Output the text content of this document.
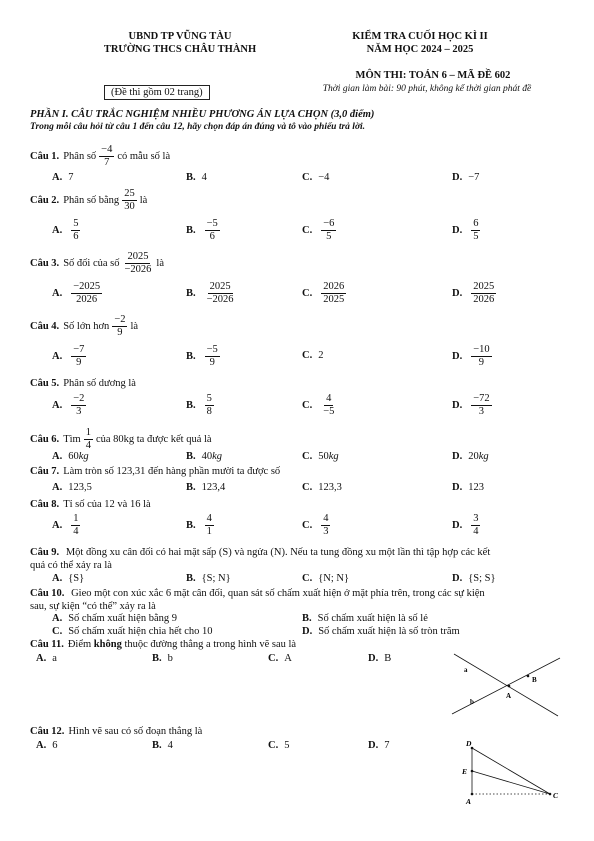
UBND TP VŨNG TÀU
TRƯỜNG THCS CHÂU THÀNH
KIỂM TRA CUỐI HỌC KÌ II
NĂM HỌC 2024 – 2025
(Đề thi gồm 02 trang)
MÔN THI: TOÁN 6 – MÃ ĐỀ 602
Thời gian làm bài: 90 phút, không kể thời gian phát đề
PHẦN I. CÂU TRẮC NGHIỆM NHIỀU PHƯƠNG ÁN LỰA CHỌN (3,0 điểm)
Trong mỗi câu hỏi từ câu 1 đến câu 12, hãy chọn đáp án đúng và tô vào phiếu trả lời.
Câu 1. Phân số $\frac{-4}{7}$ có mẫu số là
A. 7	B. 4	C. −4	D. −7
Câu 2. Phân số bằng $\frac{25}{30}$ là
A. $\frac{5}{6}$	B. $\frac{-5}{6}$	C. $\frac{-6}{5}$	D. $\frac{6}{5}$
Câu 3. Số đối của số $\frac{2025}{-2026}$ là
A. $\frac{-2025}{2026}$	B. $\frac{2025}{-2026}$	C. $\frac{2026}{2025}$	D. $\frac{2025}{2026}$
Câu 4. Số lớn hơn $\frac{-2}{9}$ là
A. $\frac{-7}{9}$	B. $\frac{-5}{9}$	C. 2	D. $\frac{-10}{9}$
Câu 5. Phân số dương là
A. $\frac{-2}{3}$	B. $\frac{5}{8}$	C. $\frac{4}{-5}$	D. $\frac{-72}{3}$
Câu 6. Tìm $\frac{1}{4}$ của 80kg ta được kết quả là
A. 60 kg	B. 40 kg	C. 50 kg	D. 20 kg
Câu 7. Làm tròn số 123,31 đến hàng phần mười ta được số
A. 123,5	B. 123,4	C. 123,3	D. 123
Câu 8. Tỉ số của 12 và 16 là
A. $\frac{1}{4}$	B. $\frac{4}{1}$	C. $\frac{4}{3}$	D. $\frac{3}{4}$
Câu 9. Một đồng xu cân đối có hai mặt sấp (S) và ngửa (N). Nếu ta tung đồng xu một lần thì tập hợp các kết
quả có thể xảy ra là
A. {S}	B. {S; N}	C. {N; N}	D. {S; S}
Câu 10. Gieo một con xúc xắc 6 mặt cân đối, quan sát số chấm xuất hiện ở mặt phía trên, trong các sự kiện
sau, sự kiện “có thể” xảy ra là
A. Số chấm xuất hiện bằng 9	B. Số chấm xuất hiện là số lẻ
C. Số chấm xuất hiện chia hết cho 10	D. Số chấm xuất hiện là số tròn trăm
Câu 11. Điểm
không
thuộc đường thẳng a trong hình vẽ sau là
A. a	B. b	C. A	D. B
a
b
A
B
Câu 12. Hình vẽ sau có số đoạn thẳng là
A. 6	B. 4	C. 5	D. 7	D
E
A
C
